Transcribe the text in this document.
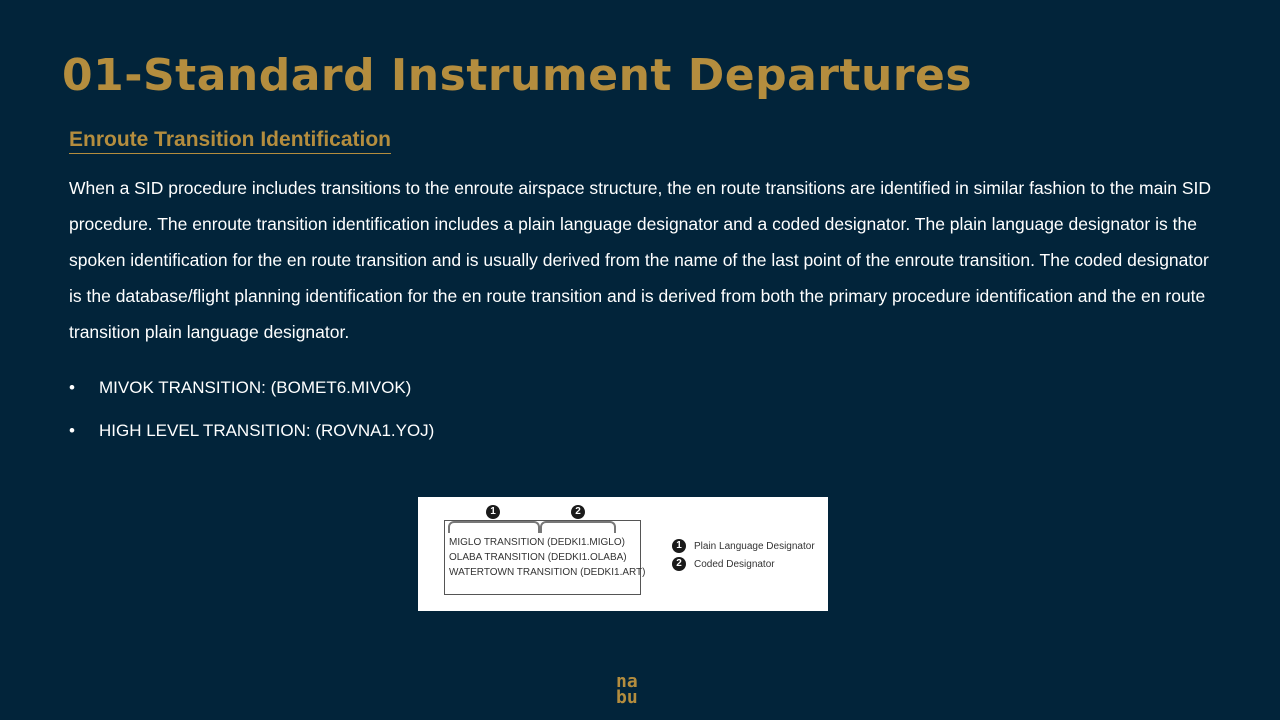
01-Standard Instrument Departures
Enroute Transition Identification
When a SID procedure includes transitions to the enroute airspace structure, the en route transitions are identified in similar fashion to the main SID procedure. The enroute transition identification includes a plain language designator and a coded designator. The plain language designator is the spoken identification for the en route transition and is usually derived from the name of the last point of the enroute transition. The coded designator is the database/flight planning identification for the en route transition and is derived from both the primary procedure identification and the en route transition plain language designator.
•	MIVOK TRANSITION: (BOMET6.MIVOK)
•	HIGH LEVEL TRANSITION: (ROVNA1.YOJ)
1	2
MIGLO TRANSITION (DEDKI1.MIGLO)
OLABA TRANSITION (DEDKI1.OLABA)
WATERTOWN TRANSITION (DEDKI1.ART)
1	Plain Language Designator
2	Coded Designator
na
bu
